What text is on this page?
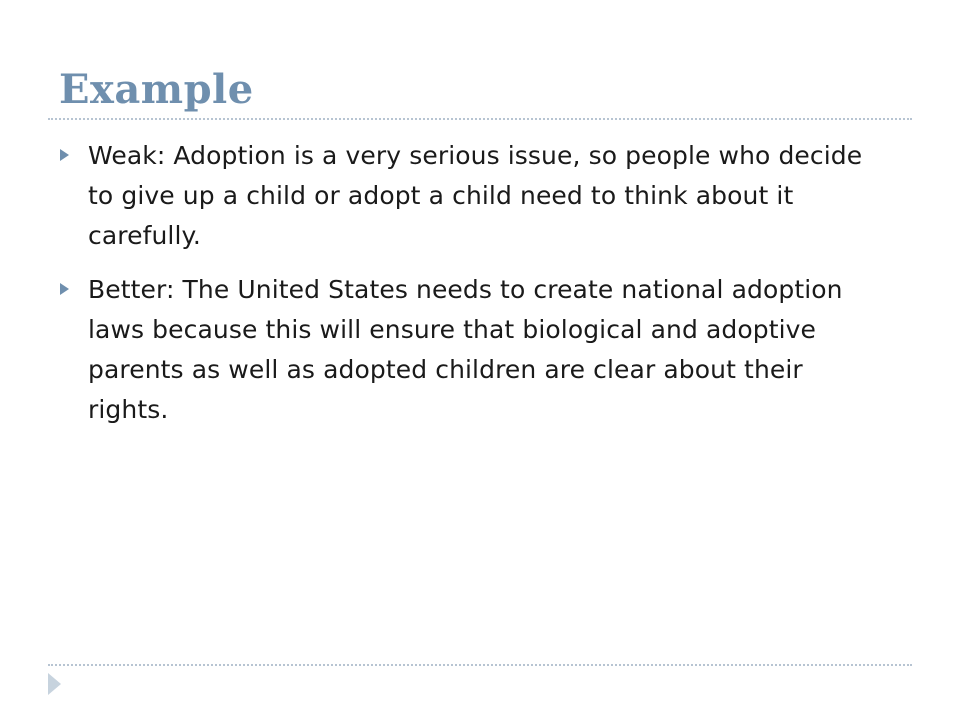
Example
Weak: Adoption is a very serious issue, so people who decide to give up a child or adopt a child need to think about it carefully.
Better: The United States needs to create national adoption laws because this will ensure that biological and adoptive parents as well as adopted children are clear about their rights.
